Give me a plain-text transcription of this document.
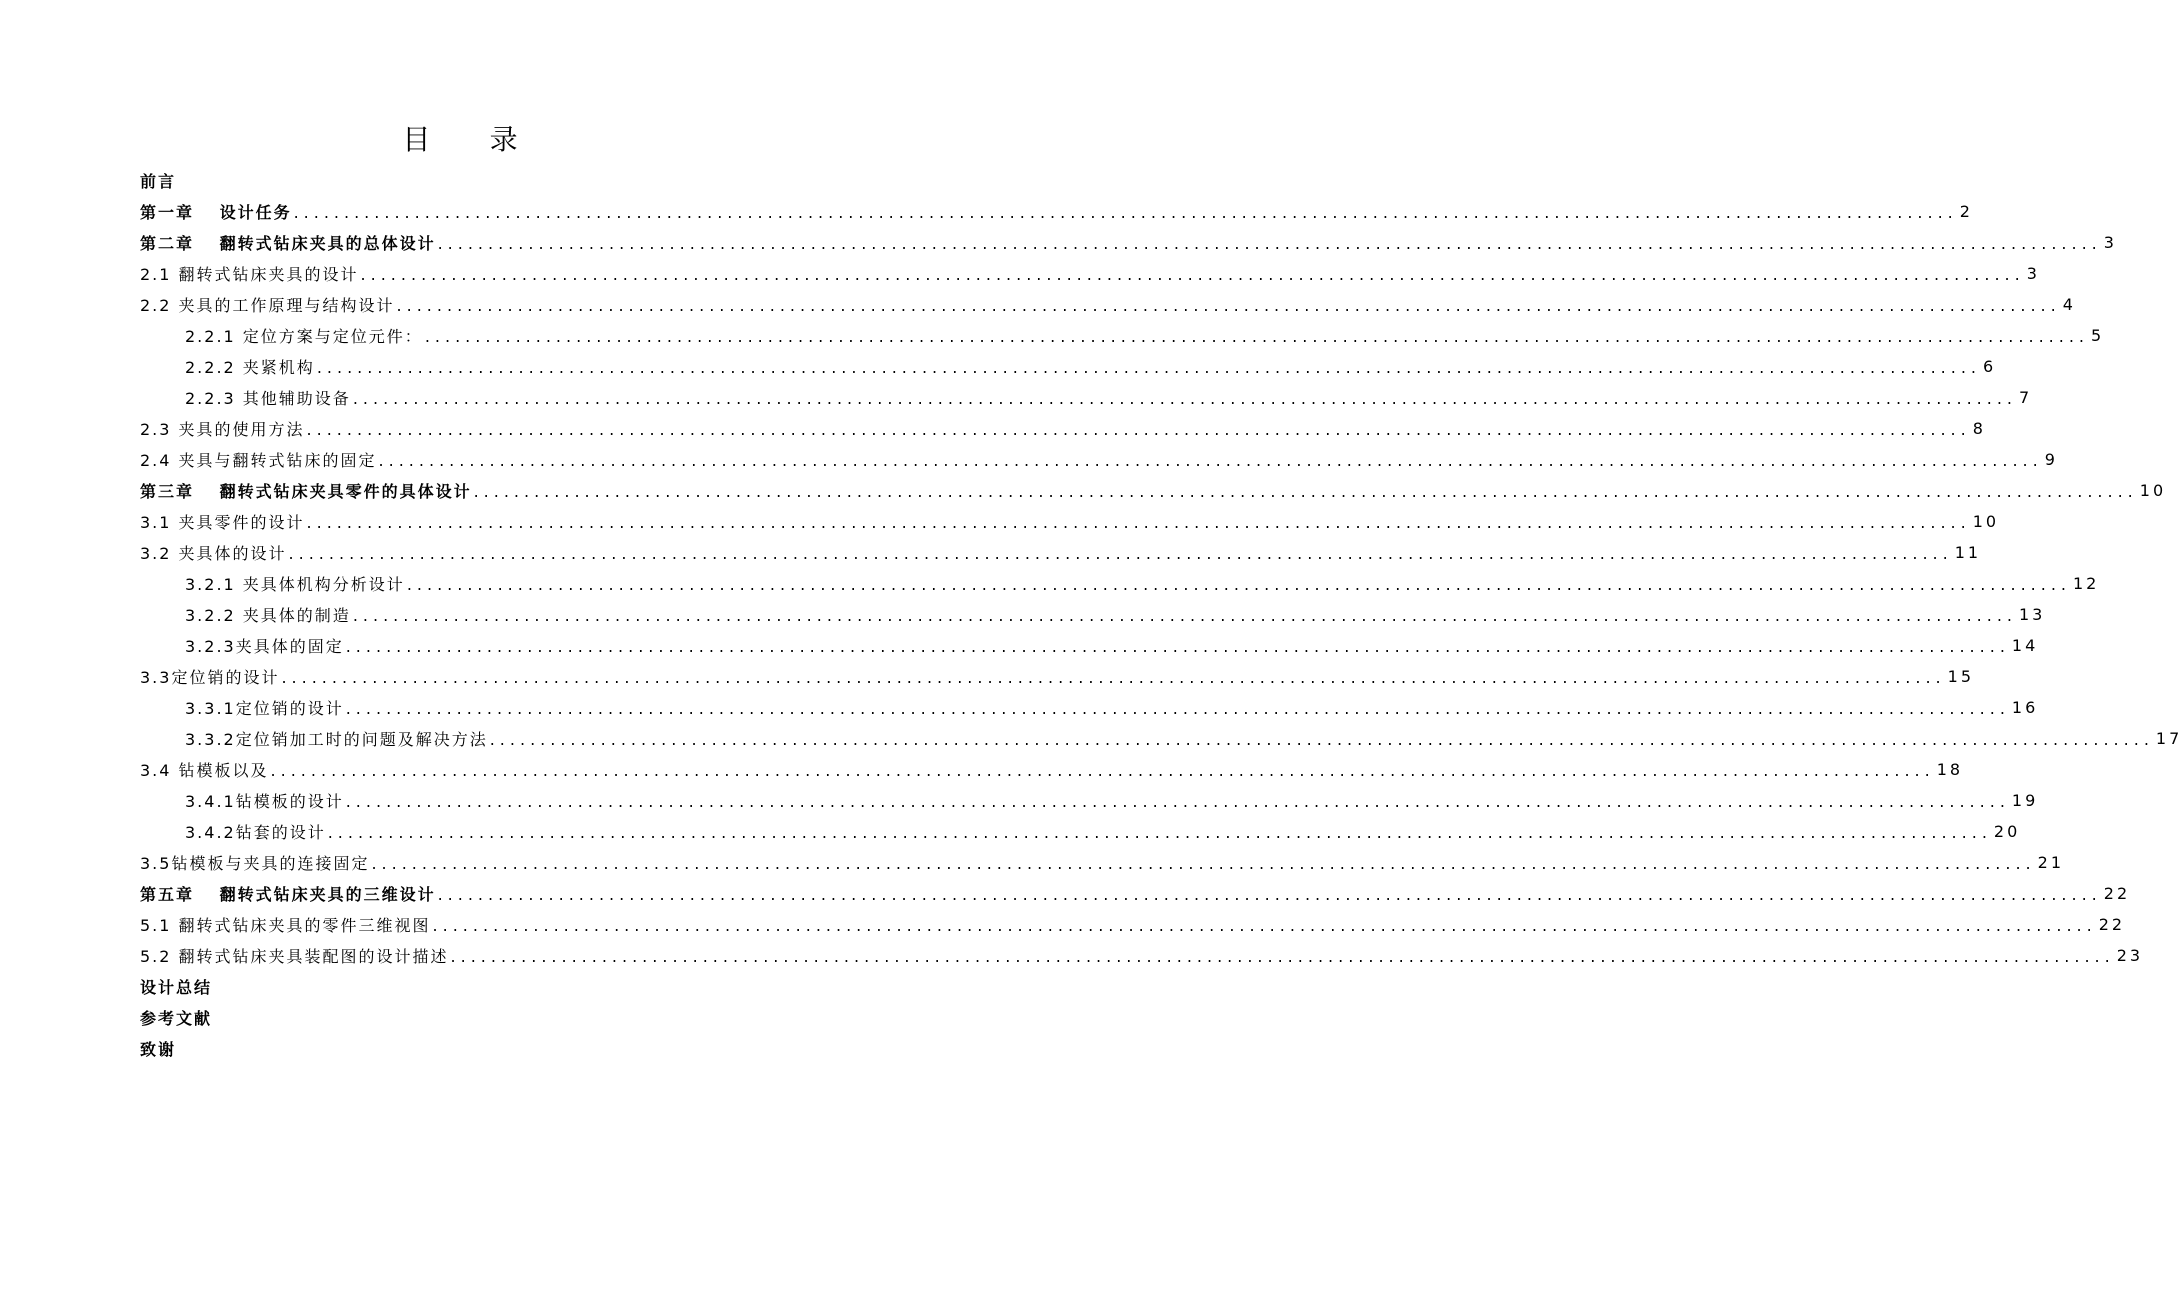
目 录
前言
第一章　 设计任务 .....	2
第二章　 翻转式钻床夹具的总体设计 .....	3
2.1 翻转式钻床夹具的设计 .....	3
2.2 夹具的工作原理与结构设计 .....	4
2.2.1 定位方案与定位元件： .....	5
2.2.2 夹紧机构 .....	6
2.2.3 其他辅助设备 .....	7
2.3 夹具的使用方法 .....	8
2.4 夹具与翻转式钻床的固定 .....	9
第三章　 翻转式钻床夹具零件的具体设计 .....	10
3.1 夹具零件的设计 .....	10
3.2 夹具体的设计 .....	11
3.2.1 夹具体机构分析设计 .....	12
3.2.2 夹具体的制造 .....	13
3.2.3夹具体的固定 .....	14
3.3定位销的设计 .....	15
3.3.1定位销的设计 .....	16
3.3.2定位销加工时的问题及解决方法 .....	17
3.4 钻模板以及 .....	18
3.4.1钻模板的设计 .....	19
3.4.2钻套的设计 .....	20
3.5钻模板与夹具的连接固定 .....	21
第五章　 翻转式钻床夹具的三维设计 .....	22
5.1 翻转式钻床夹具的零件三维视图 .....	22
5.2 翻转式钻床夹具装配图的设计描述 .....	23
设计总结
参考文献
致谢
